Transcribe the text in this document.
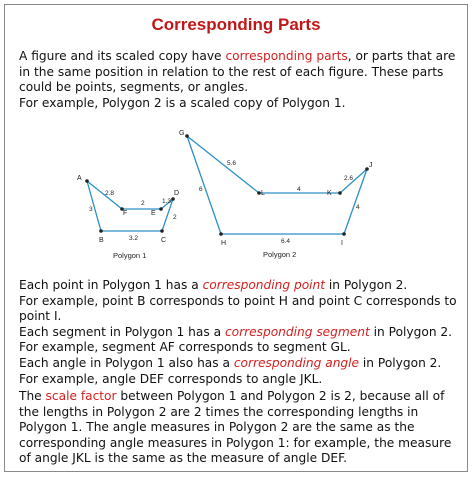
Corresponding Parts
A figure and its scaled copy have corresponding parts, or parts that are in the same position in relation to the rest of each figure. These parts could be points, segments, or angles.
For example, Polygon 2 is a scaled copy of Polygon 1.
A
B	C
D
E
F
2.8
3
3.2
2
1.3
2
Polygon 1
G
H	I
J
K
L
5.6
6
6.4
4
2.6
4
Polygon 2
Each point in Polygon 1 has a corresponding point in Polygon 2.
For example, point B corresponds to point H and point C corresponds to point I.
Each segment in Polygon 1 has a corresponding segment in Polygon 2.
For example, segment AF corresponds to segment GL.
Each angle in Polygon 1 also has a corresponding angle in Polygon 2.
For example, angle DEF corresponds to angle JKL.
The scale factor between Polygon 1 and Polygon 2 is 2, because all of the lengths in Polygon 2 are 2 times the corresponding lengths in Polygon 1. The angle measures in Polygon 2 are the same as the corresponding angle measures in Polygon 1: for example, the measure of angle JKL is the same as the measure of angle DEF.
